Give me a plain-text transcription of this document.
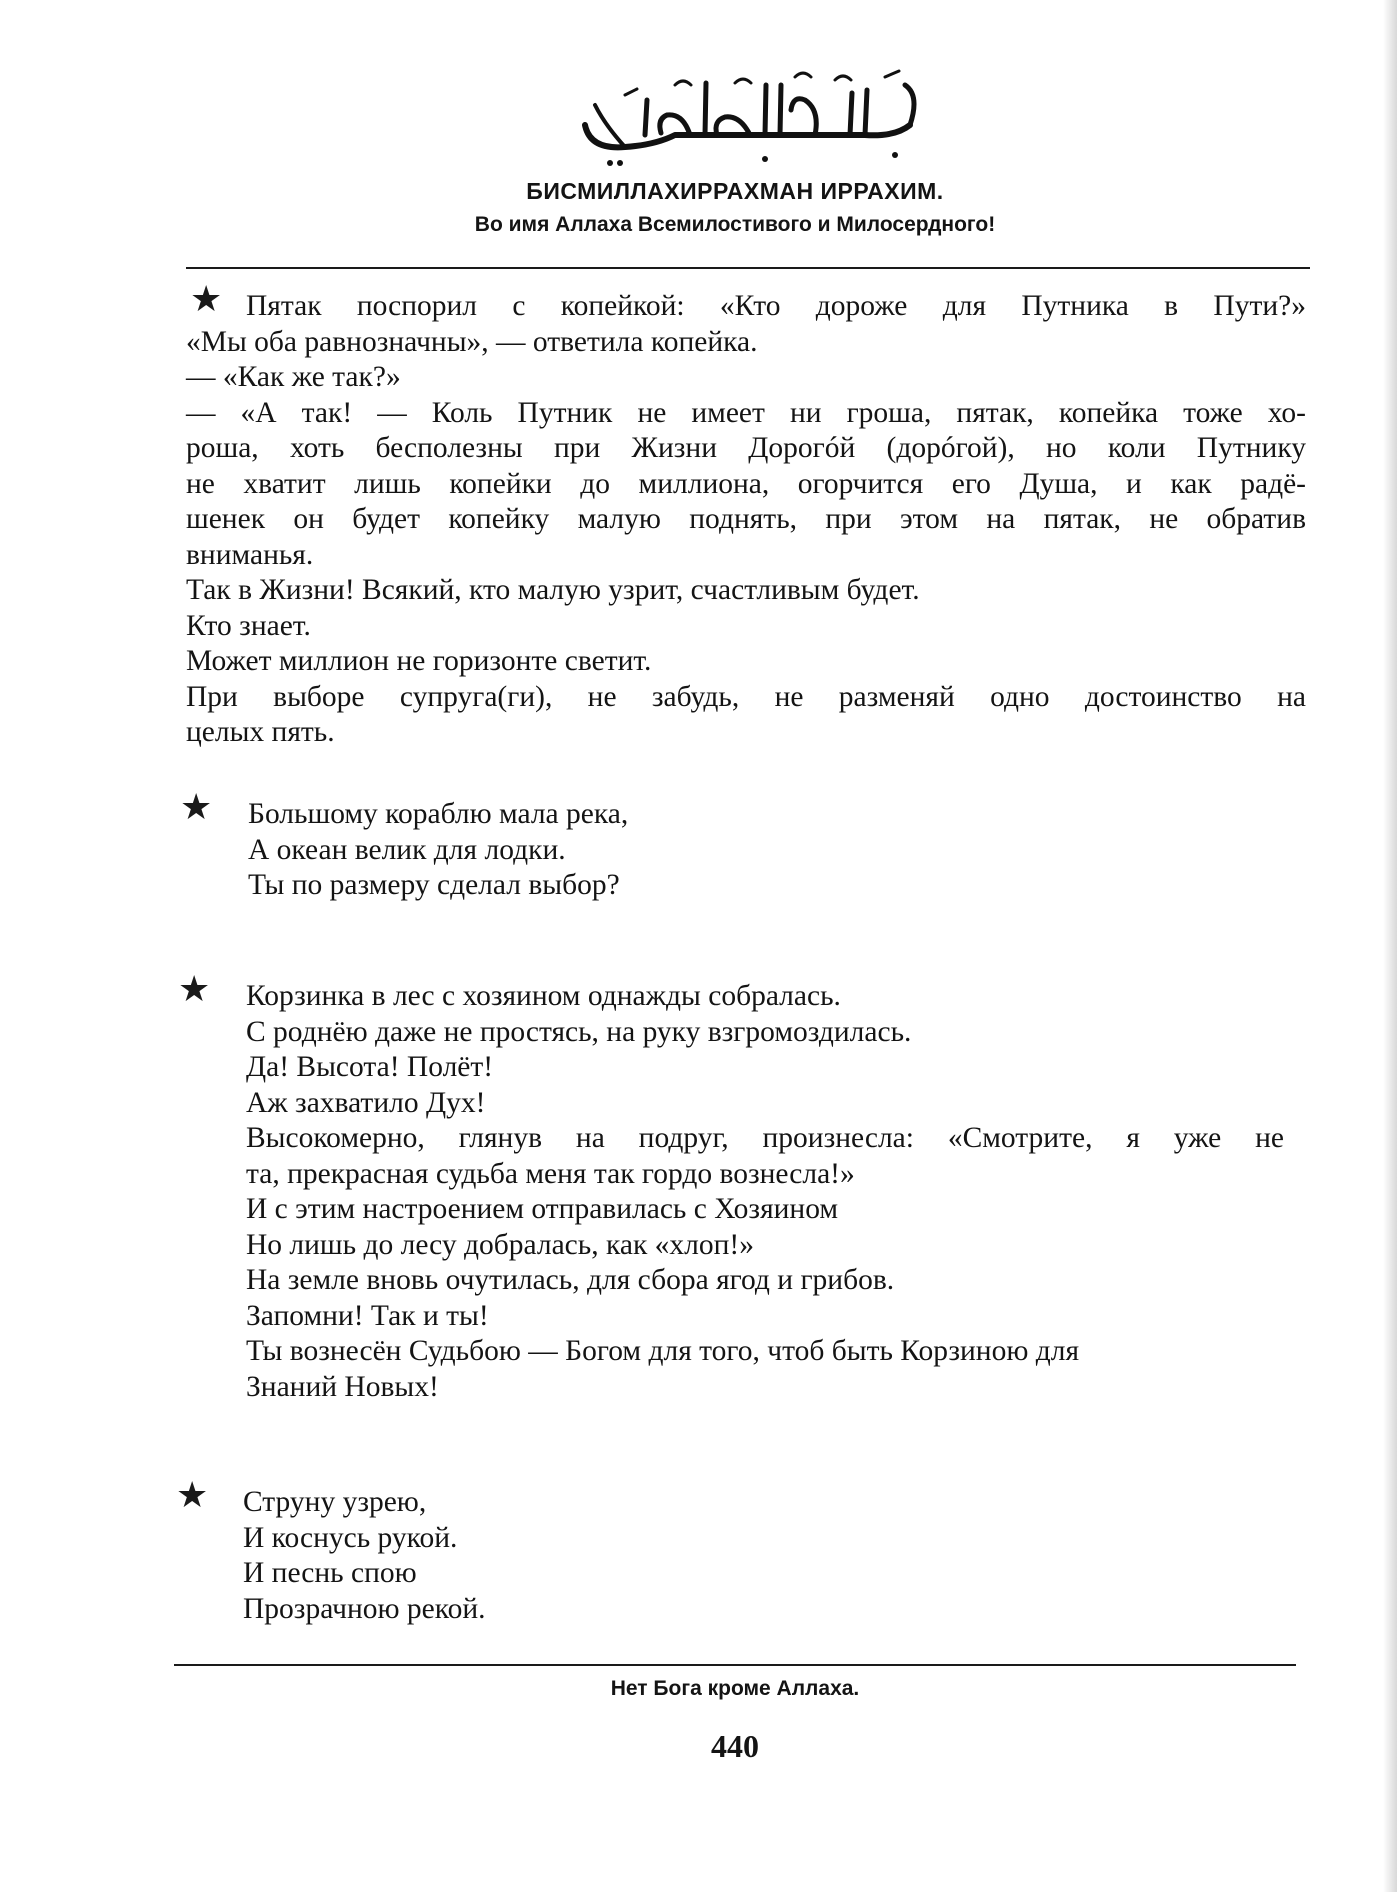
БИСМИЛЛАХИРРАХМАН ИРРАХИМ.
Во имя Аллаха Всемилостивого и Милосердного!
★ Пятак поспорил с копейкой: «Кто дороже для Путника в Пути?»
«Мы оба равнозначны», — ответила копейка.
— «Как же так?»
— «А так! — Коль Путник не имеет ни гроша, пятак, копейка тоже хо-
роша, хоть бесполезны при Жизни Дорогóй (дорóгой), но коли Путнику
не хватит лишь копейки до миллиона, огорчится его Душа, и как радё-
шенек он будет копейку малую поднять, при этом на пятак, не обратив
вниманья.
Так в Жизни! Всякий, кто малую узрит, счастливым будет.
Кто знает.
Может миллион не горизонте светит.
При выборе супруга(ги), не забудь, не разменяй одно достоинство на
целых пять.
★ Большому кораблю мала река,
А океан велик для лодки.
Ты по размеру сделал выбор?
★ Корзинка в лес с хозяином однажды собралась.
С роднёю даже не простясь, на руку взгромоздилась.
Да! Высота! Полёт!
Аж захватило Дух!
Высокомерно, глянув на подруг, произнесла: «Смотрите, я уже не
та, прекрасная судьба меня так гордо вознесла!»
И с этим настроением отправилась с Хозяином
Но лишь до лесу добралась, как «хлоп!»
На земле вновь очутилась, для сбора ягод и грибов.
Запомни! Так и ты!
Ты вознесён Судьбою — Богом для того, чтоб быть Корзиною для
Знаний Новых!
★ Струну узрею,
И коснусь рукой.
И песнь спою
Прозрачною рекой.
Нет Бога кроме Аллаха.
440
